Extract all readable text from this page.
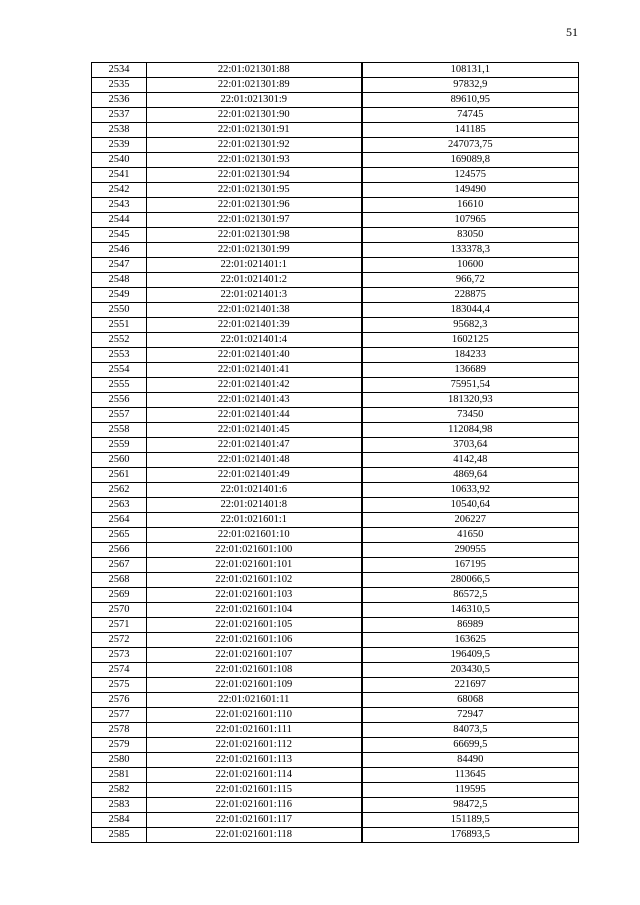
51
2534	22:01:021301:88	108131,1
2535	22:01:021301:89	97832,9
2536	22:01:021301:9	89610,95
2537	22:01:021301:90	74745
2538	22:01:021301:91	141185
2539	22:01:021301:92	247073,75
2540	22:01:021301:93	169089,8
2541	22:01:021301:94	124575
2542	22:01:021301:95	149490
2543	22:01:021301:96	16610
2544	22:01:021301:97	107965
2545	22:01:021301:98	83050
2546	22:01:021301:99	133378,3
2547	22:01:021401:1	10600
2548	22:01:021401:2	966,72
2549	22:01:021401:3	228875
2550	22:01:021401:38	183044,4
2551	22:01:021401:39	95682,3
2552	22:01:021401:4	1602125
2553	22:01:021401:40	184233
2554	22:01:021401:41	136689
2555	22:01:021401:42	75951,54
2556	22:01:021401:43	181320,93
2557	22:01:021401:44	73450
2558	22:01:021401:45	112084,98
2559	22:01:021401:47	3703,64
2560	22:01:021401:48	4142,48
2561	22:01:021401:49	4869,64
2562	22:01:021401:6	10633,92
2563	22:01:021401:8	10540,64
2564	22:01:021601:1	206227
2565	22:01:021601:10	41650
2566	22:01:021601:100	290955
2567	22:01:021601:101	167195
2568	22:01:021601:102	280066,5
2569	22:01:021601:103	86572,5
2570	22:01:021601:104	146310,5
2571	22:01:021601:105	86989
2572	22:01:021601:106	163625
2573	22:01:021601:107	196409,5
2574	22:01:021601:108	203430,5
2575	22:01:021601:109	221697
2576	22:01:021601:11	68068
2577	22:01:021601:110	72947
2578	22:01:021601:111	84073,5
2579	22:01:021601:112	66699,5
2580	22:01:021601:113	84490
2581	22:01:021601:114	113645
2582	22:01:021601:115	119595
2583	22:01:021601:116	98472,5
2584	22:01:021601:117	151189,5
2585	22:01:021601:118	176893,5
